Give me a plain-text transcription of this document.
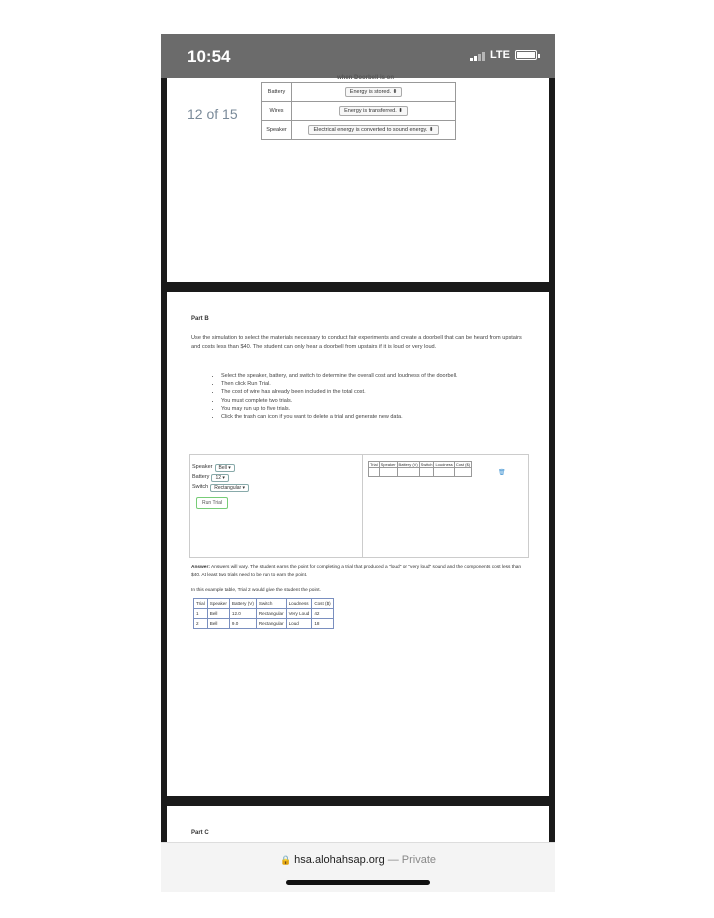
10:54	LTE
when Doorbell is on
12 of 15
Battery	Energy is stored. ⬍
Wires	Energy is transferred. ⬍
Speaker	Electrical energy is converted to sound energy. ⬍
Part B
Use the simulation to select the materials necessary to conduct fair experiments and create a doorbell that can be heard from upstairs and costs less than $40. The student can only hear a doorbell from upstairs if it is loud or very loud.
• Select the speaker, battery, and switch to determine the overall cost and loudness of the doorbell.
• Then click Run Trial.
• The cost of wire has already been included in the total cost.
• You must complete two trials.
• You may run up to five trials.
• Click the trash can icon if you want to delete a trial and generate new data.
Speaker	Bell ▾
Battery	12 ▾
Switch	Rectangular ▾
Run Trial
Trial	Speaker	Battery (V)	Switch	Loudness	Cost ($)

🗑
Answer: Answers will vary. The student earns the point for completing a trial that produced a "loud" or "very loud" sound and the components cost less than $40. At least two trials need to be run to earn the point.
In this example table, Trial 2 would give the student the point.
Trial	Speaker	Battery (V)	Switch	Loudness	Cost ($)
1	Bell	12.0	Rectangular	Very Loud	42
2	Bell	9.0	Rectangular	Loud	18
Part C
🔒 hsa.alohahsap.org — Private
